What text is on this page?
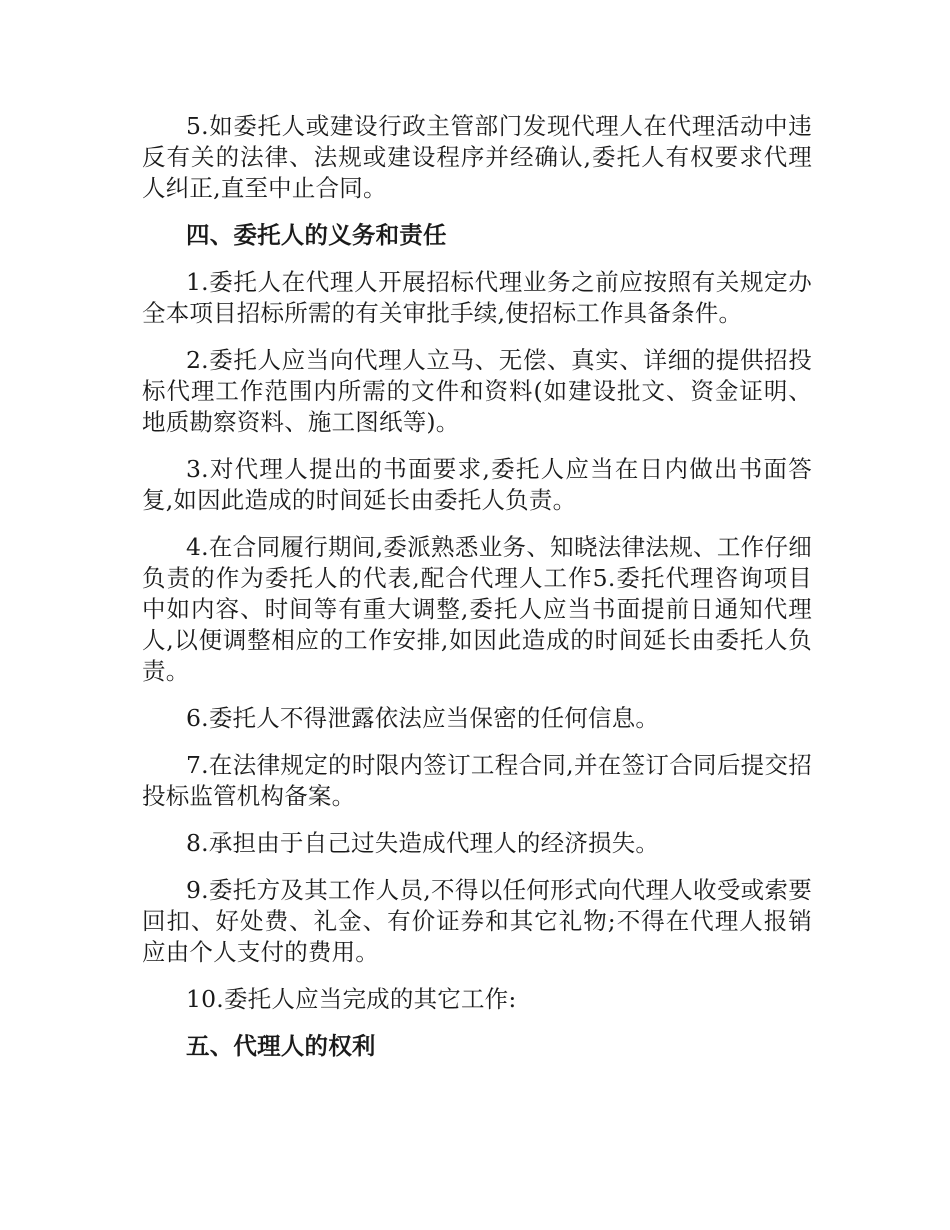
5.如委托人或建设行政主管部门发现代理人在代理活动中违反有关的法律、法规或建设程序并经确认,委托人有权要求代理人纠正,直至中止合同。

四、委托人的义务和责任

1.委托人在代理人开展招标代理业务之前应按照有关规定办全本项目招标所需的有关审批手续,使招标工作具备条件。

2.委托人应当向代理人立马、无偿、真实、详细的提供招投标代理工作范围内所需的文件和资料(如建设批文、资金证明、地质勘察资料、施工图纸等)。

3.对代理人提出的书面要求,委托人应当在日内做出书面答复,如因此造成的时间延长由委托人负责。

4.在合同履行期间,委派熟悉业务、知晓法律法规、工作仔细负责的作为委托人的代表,配合代理人工作5.委托代理咨询项目中如内容、时间等有重大调整,委托人应当书面提前日通知代理人,以便调整相应的工作安排,如因此造成的时间延长由委托人负责。

6.委托人不得泄露依法应当保密的任何信息。

7.在法律规定的时限内签订工程合同,并在签订合同后提交招投标监管机构备案。

8.承担由于自己过失造成代理人的经济损失。

9.委托方及其工作人员,不得以任何形式向代理人收受或索要回扣、好处费、礼金、有价证券和其它礼物;不得在代理人报销应由个人支付的费用。

10.委托人应当完成的其它工作:

五、代理人的权利
